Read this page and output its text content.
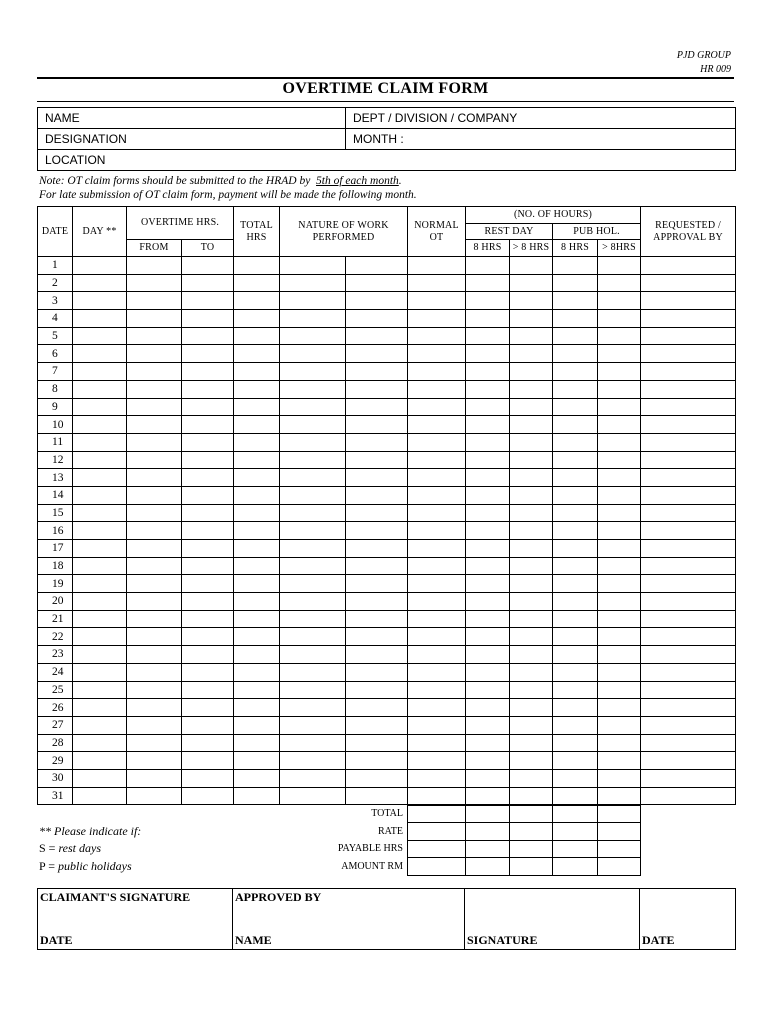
PJD GROUP
HR 009
OVERTIME CLAIM FORM
NAME	DEPT / DIVISION / COMPANY
DESIGNATION	MONTH :
LOCATION	
Note: OT claim forms should be submitted to the HRAD by 5th of each month.
For late submission of OT claim form, payment will be made the following month.
DATE	DAY **	OVERTIME HRS.		TOTAL HRS	NATURE OF WORK PERFORMED		NORMAL OT	(NO. OF HOURS)				REQUESTED / APPROVAL BY
								REST DAY		PUB HOL.		
		FROM	TO					8 HRS	> 8 HRS	8 HRS	> 8HRS	
1												
2												
3												
4												
5												
6												
7												
8												
9												
10												
11												
12												
13												
14												
15												
16												
17												
18												
19												
20												
21												
22												
23												
24												
25												
26												
27												
28												
29												
30												
31												

TOTAL
RATE
PAYABLE HRS
AMOUNT RM
** Please indicate if:
S = rest days
P = public holidays
CLAIMANT'S SIGNATURE
DATE

APPROVED BY
NAME	SIGNATURE	DATE
